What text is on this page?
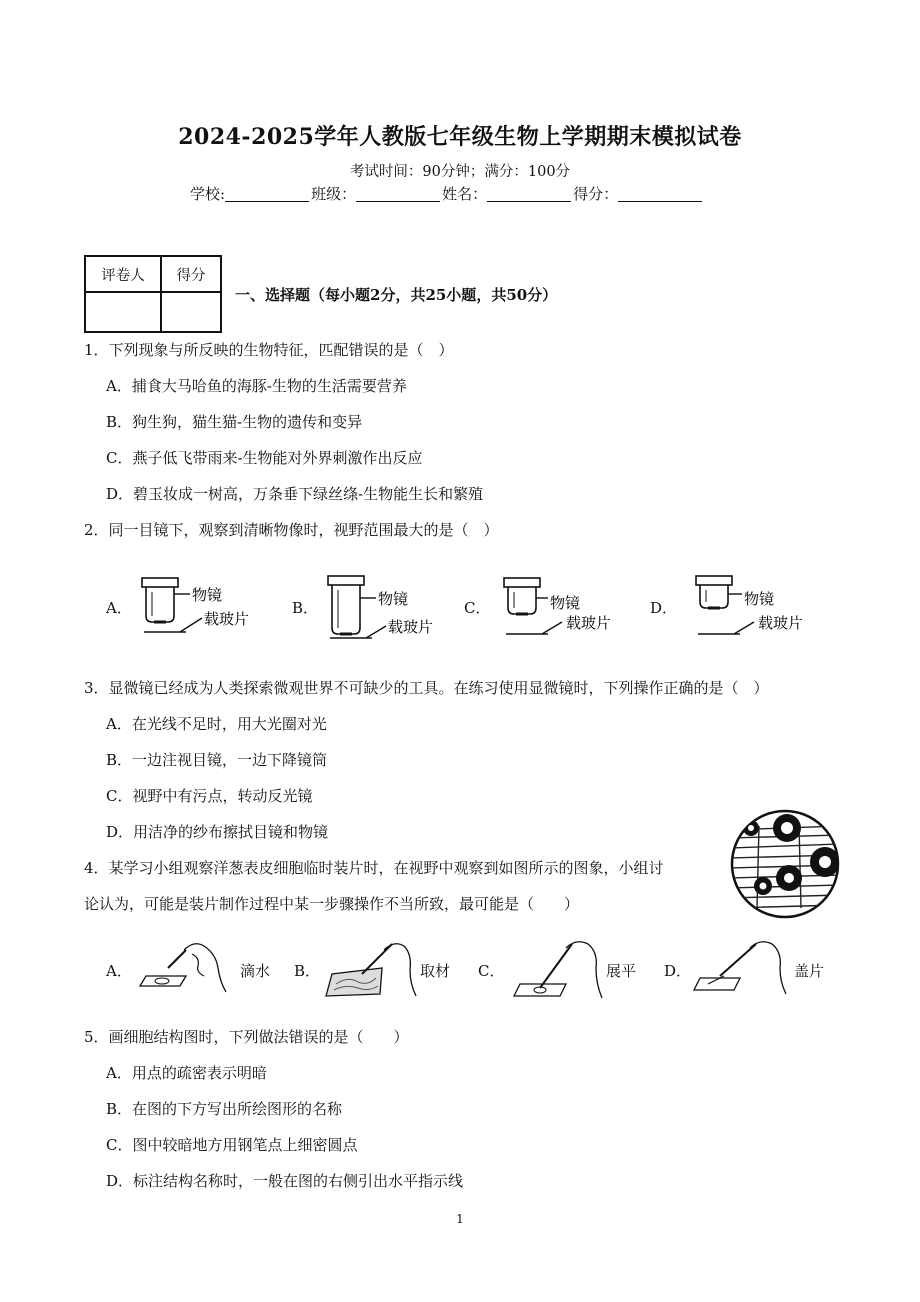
2024-2025学年人教版七年级生物上学期期末模拟试卷
考试时间：90分钟；满分：100分
学校:	班级：	姓名：	得分：
评卷人	得分

一、选择题（每小题2分，共25小题，共50分）
1．下列现象与所反映的生物特征，匹配错误的是（　）
A．捕食大马哈鱼的海豚-生物的生活需要营养
B．狗生狗，猫生猫-生物的遗传和变异
C．燕子低飞带雨来-生物能对外界刺激作出反应
D．碧玉妆成一树高，万条垂下绿丝绦-生物能生长和繁殖
2．同一目镜下，观察到清晰物像时，视野范围最大的是（　）
A．
物镜
载玻片
B．	物镜
载玻片
C．	物镜
载玻片
D．	物镜
载玻片
3．显微镜已经成为人类探索微观世界不可缺少的工具。在练习使用显微镜时，下列操作正确的是（　）
A．在光线不足时，用大光圈对光
B．一边注视目镜，一边下降镜筒
C．视野中有污点，转动反光镜
D．用洁净的纱布擦拭目镜和物镜
4．某学习小组观察洋葱表皮细胞临时装片时，在视野中观察到如图所示的图象，小组讨
论认为，可能是装片制作过程中某一步骤操作不当所致，最可能是（　　）
A．	滴水 B．	取材 C．	展平 D．	盖片
5．画细胞结构图时，下列做法错误的是（　　）
A．用点的疏密表示明暗
B．在图的下方写出所绘图形的名称
C．图中较暗地方用钢笔点上细密圆点
D．标注结构名称时，一般在图的右侧引出水平指示线
1
